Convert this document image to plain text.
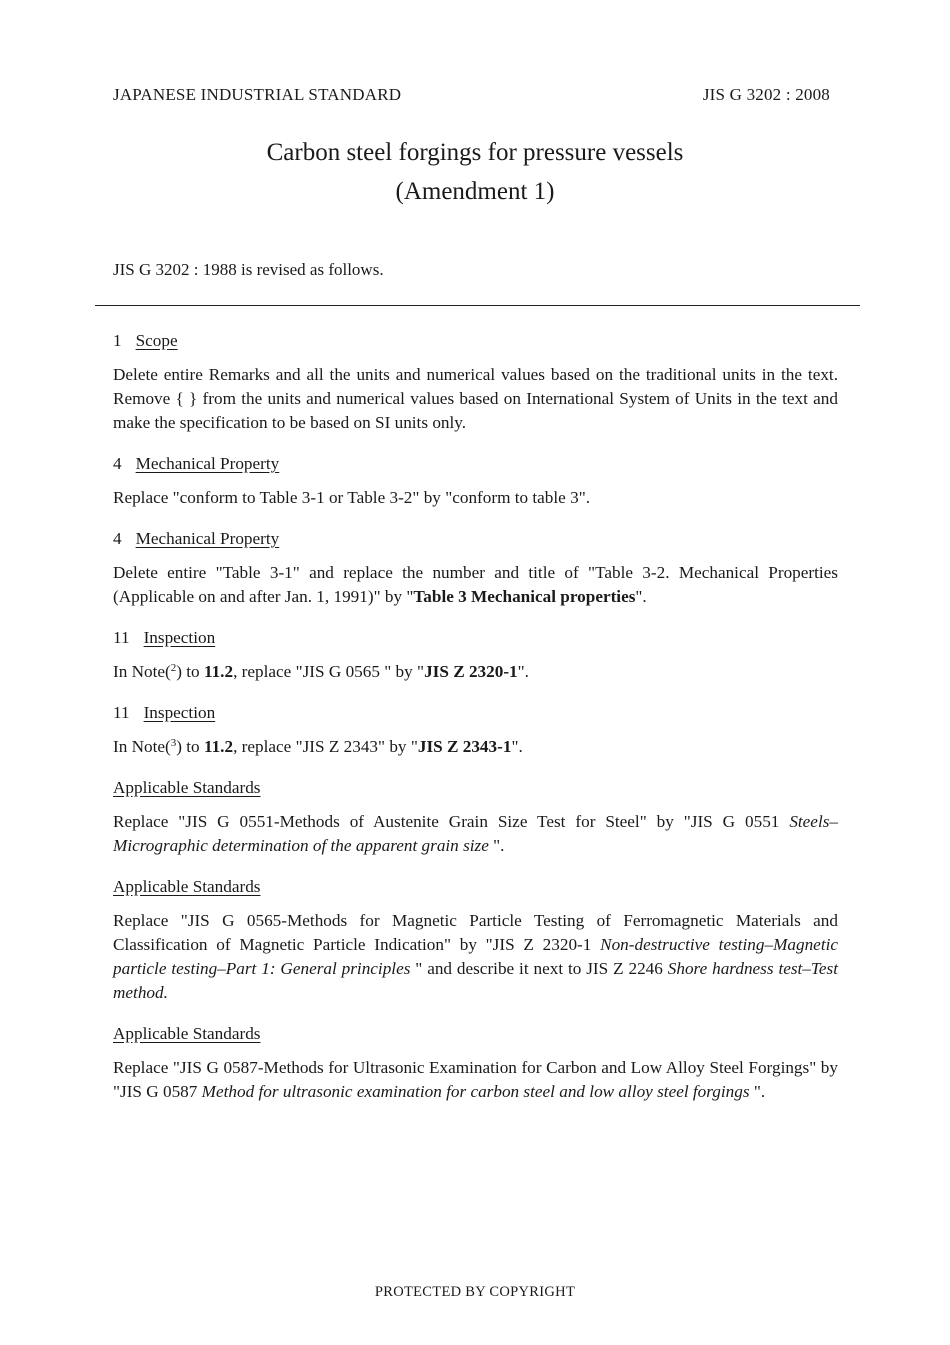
JAPANESE INDUSTRIAL STANDARD	JIS G 3202 : 2008
Carbon steel forgings for pressure vessels
(Amendment 1)
JIS G 3202 : 1988 is revised as follows.
1 Scope

Delete entire Remarks and all the units and numerical values based on the traditional units in the text. Remove { } from the units and numerical values based on International System of Units in the text and make the specification to be based on SI units only.

4 Mechanical Property

Replace "conform to Table 3-1 or Table 3-2" by "conform to table 3".

4 Mechanical Property

Delete entire "Table 3-1" and replace the number and title of "Table 3-2. Mechanical Properties (Applicable on and after Jan. 1, 1991)" by "Table 3 Mechanical properties".

11 Inspection

In Note($^2$) to 11.2, replace "JIS G 0565 " by "JIS Z 2320-1".

11 Inspection

In Note($^3$) to 11.2, replace "JIS Z 2343" by "JIS Z 2343-1".

Applicable Standards

Replace "JIS G 0551-Methods of Austenite Grain Size Test for Steel" by "JIS G 0551 Steels–Micrographic determination of the apparent grain size ".

Applicable Standards

Replace "JIS G 0565-Methods for Magnetic Particle Testing of Ferromagnetic Materials and Classification of Magnetic Particle Indication" by "JIS Z 2320-1 Non-destructive testing–Magnetic particle testing–Part 1: General principles " and describe it next to JIS Z 2246 Shore hardness test–Test method.

Applicable Standards

Replace "JIS G 0587-Methods for Ultrasonic Examination for Carbon and Low Alloy Steel Forgings" by "JIS G 0587 Method for ultrasonic examination for carbon steel and low alloy steel forgings ".

PROTECTED BY COPYRIGHT
